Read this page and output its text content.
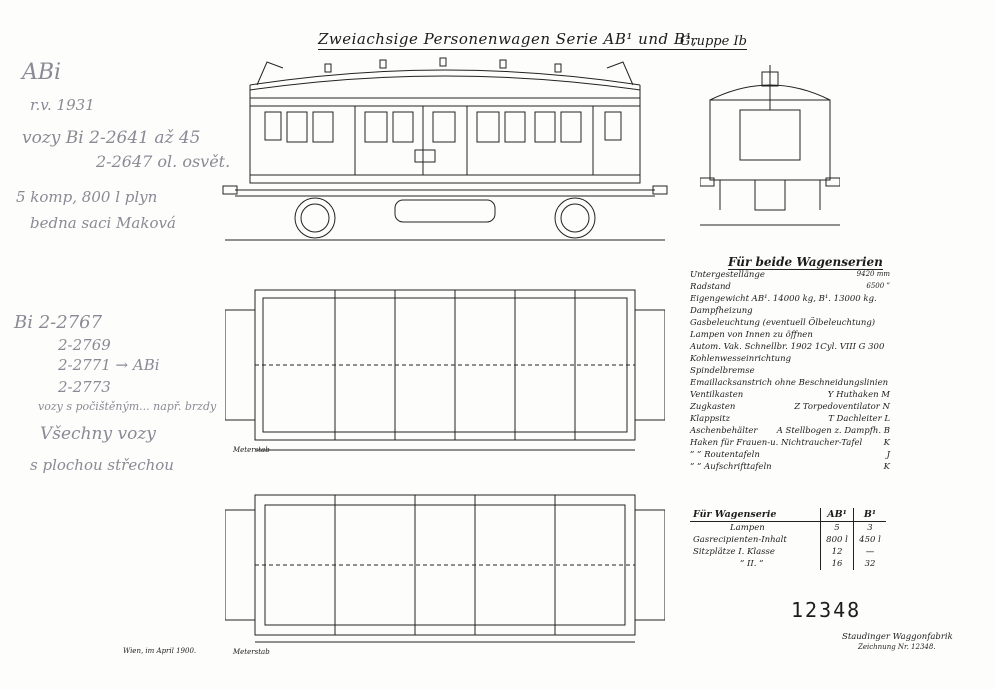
Zweiachsige Personenwagen Serie AB¹ und B¹,
Gruppe Ib
ABi
r.v. 1931
vozy Bi 2-2641 až 45
2-2647 ol. osvět.
5 komp, 800 l plyn
bedna saci Maková
Bi 2-2767
2-2769
2-2771 → ABi
2-2773
vozy s počištěným... např. brzdy
Všechny vozy
s plochou střechou
Meterstab
Meterstab
Wien, im April 1900.
Für beide Wagenserien
Untergestellänge	9420 mm
Radstand	6500 ”
Eigengewicht AB¹. 14000 kg, B¹. 13000 kg.
Dampfheizung
Gasbeleuchtung (eventuell Ölbeleuchtung)
Lampen von Innen zu öffnen
Autom. Vak. Schnellbr. 1902 1Cyl. VIII G 300
Kohlenwesseinrichtung
Spindelbremse
Emaillacksanstrich ohne Beschneidungslinien
Ventilkasten	Y Huthaken M
Zugkasten	Z Torpedoventilator N
Klappsitz	T Dachleiter L
Aschenbehälter A Stellbogen z. Dampfh. B
Haken für Frauen-u. Nichtraucher-Tafel	K
” ” Routentafeln	J
” ” Aufschrifttafeln	K
Für Wagenserie	AB¹	B¹
Lampen	5	3
Gasrecipienten-Inhalt	800 l	450 l
Sitzplätze I. Klasse	12	—
” II. ”	16	32
12348
Staudinger Waggonfabrik
Zeichnung Nr. 12348.
